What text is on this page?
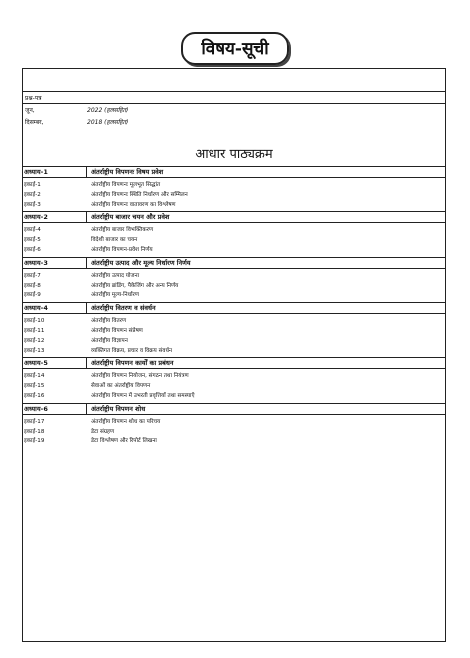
विषय-सूची
प्रश्न-पत्र
जून,	2022 (हलसहित)
दिसम्बर,	2018 (हलसहित)
आधार पाठ्यक्रम
अध्याय-1	अंतर्राष्ट्रीय विपणनः विषय प्रवेश
इकाई-1	अंतर्राष्ट्रीय विपणनः मूलभूत सिद्धांत
इकाई-2	अंतर्राष्ट्रीय विपणनः स्थिति निर्धारण और सम्मिलन
इकाई-3	अंतर्राष्ट्रीय विपणनः वातावरण का विश्लेषण
अध्याय-2	अंतर्राष्ट्रीय बाजार चयन और प्रवेश
इकाई-4	अंतर्राष्ट्रीय बाजार विभक्तिकरण
इकाई-5	विदेशी बाजार का चयन
इकाई-6	अंतर्राष्ट्रीय विपणन-प्रवेश निर्णय
अध्याय-3	अंतर्राष्ट्रीय उत्पाद और मूल्य निर्धारण निर्णय
इकाई-7	अंतर्राष्ट्रीय उत्पाद योजना
इकाई-8	अंतर्राष्ट्रीय ब्रांडिंग, पैकेजिंग और अन्य निर्णय
इकाई-9	अंतर्राष्ट्रीय मूल्य-निर्धारण
अध्याय-4	अंतर्राष्ट्रीय वितरण व संवर्धन
इकाई-10	अंतर्राष्ट्रीय वितरण
इकाई-11	अंतर्राष्ट्रीय विपणन संप्रेषण
इकाई-12	अंतर्राष्ट्रीय विज्ञापन
इकाई-13	व्यक्तिगत विक्रय, प्रचार व विक्रय संवर्धन
अध्याय-5	अंतर्राष्ट्रीय विपणन कार्यों का प्रबंधन
इकाई-14	अंतर्राष्ट्रीय विपणन नियोजन, संगठन तथा नियंत्रण
इकाई-15	सेवाओं का अंतर्राष्ट्रीय विपणन
इकाई-16	अंतर्राष्ट्रीय विपणन में उभरती प्रवृत्तियाँ तथा समस्याएँ
अध्याय-6	अंतर्राष्ट्रीय विपणन शोध
इकाई-17	अंतर्राष्ट्रीय विपणन शोध का परिचय
इकाई-18	डेटा संग्रहण
इकाई-19	डेटा विश्लेषण और रिपोर्ट लिखना
